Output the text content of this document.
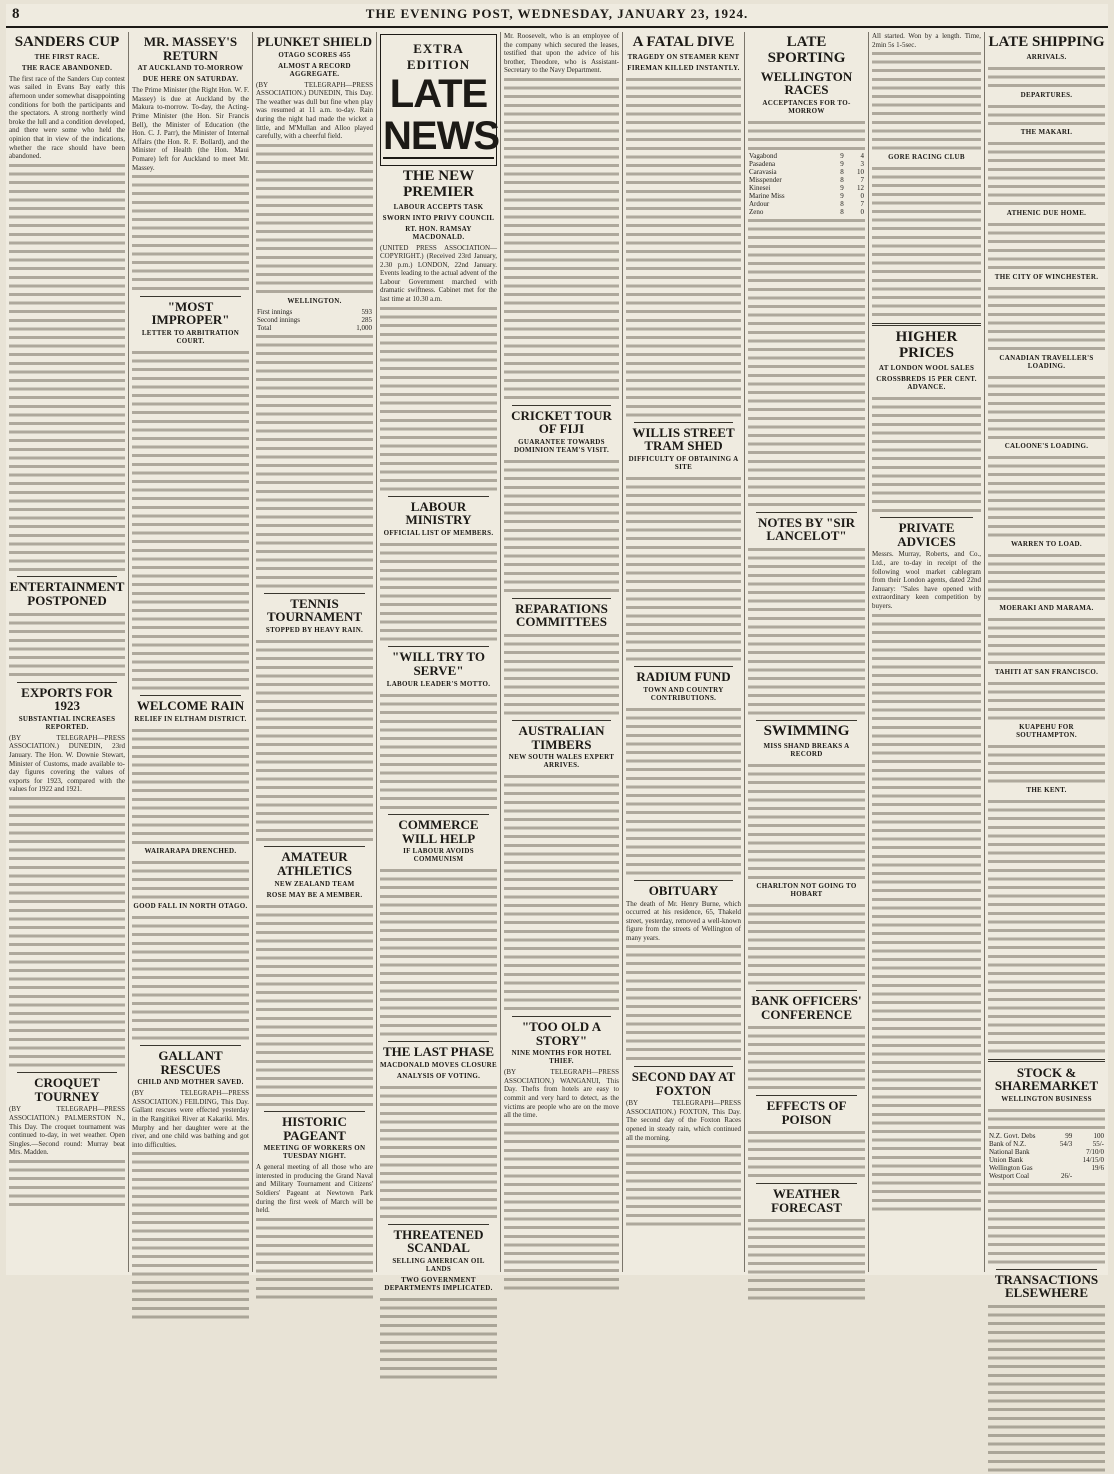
8	THE EVENING POST, WEDNESDAY, JANUARY 23, 1924.
SANDERS CUP
THE FIRST RACE.
THE RACE ABANDONED.

The first race of the Sanders Cup contest was sailed in Evans Bay early this afternoon under somewhat disappointing conditions for both the participants and the spectators. A strong northerly wind broke the lull and a condition developed, and there were some who held the opinion that in view of the indications, whether the race should have been abandoned.

ENTERTAINMENT POSTPONED
EXPORTS FOR 1923
SUBSTANTIAL INCREASES REPORTED.

(BY TELEGRAPH—PRESS ASSOCIATION.) DUNEDIN, 23rd January. The Hon. W. Downie Stewart, Minister of Customs, made available to-day figures covering the values of exports for 1923, compared with the values for 1922 and 1921.

CROQUET TOURNEY

(BY TELEGRAPH—PRESS ASSOCIATION.) PALMERSTON N., This Day. The croquet tournament was continued to-day, in wet weather. Open Singles.—Second round: Murray beat Mrs. Madden.

MR. MASSEY'S RETURN
AT AUCKLAND TO-MORROW
DUE HERE ON SATURDAY.

The Prime Minister (the Right Hon. W. F. Massey) is due at Auckland by the Makura to-morrow. To-day, the Acting-Prime Minister (the Hon. Sir Francis Bell), the Minister of Education (the Hon. C. J. Parr), the Minister of Internal Affairs (the Hon. R. F. Bollard), and the Minister of Health (the Hon. Maui Pomare) left for Auckland to meet Mr. Massey.

"MOST IMPROPER"
LETTER TO ARBITRATION COURT.
WELCOME RAIN
RELIEF IN ELTHAM DISTRICT.
WAIRARAPA DRENCHED.
GOOD FALL IN NORTH OTAGO.
GALLANT RESCUES
CHILD AND MOTHER SAVED.

(BY TELEGRAPH—PRESS ASSOCIATION.) FEILDING, This Day. Gallant rescues were effected yesterday in the Rangitikei River at Kakariki. Mrs. Murphy and her daughter were at the river, and one child was bathing and got into difficulties.

PLUNKET SHIELD
OTAGO SCORES 455
ALMOST A RECORD AGGREGATE.

(BY TELEGRAPH—PRESS ASSOCIATION.) DUNEDIN, This Day. The weather was dull but fine when play was resumed at 11 a.m. to-day. Rain during the night had made the wicket a little, and M'Mullan and Alloo played carefully, with a cheerful field.

WELLINGTON.
First innings	593
Second innings	285
Total	1,000
TENNIS TOURNAMENT
STOPPED BY HEAVY RAIN.
AMATEUR ATHLETICS
NEW ZEALAND TEAM
ROSE MAY BE A MEMBER.
HISTORIC PAGEANT
MEETING OF WORKERS ON TUESDAY NIGHT.

A general meeting of all those who are interested in producing the Grand Naval and Military Tournament and Citizens' Soldiers' Pageant at Newtown Park during the first week of March will be held.

EXTRA EDITION
LATE NEWS
THE NEW PREMIER
LABOUR ACCEPTS TASK
SWORN INTO PRIVY COUNCIL
RT. HON. RAMSAY MACDONALD.

(UNITED PRESS ASSOCIATION—COPYRIGHT.) (Received 23rd January, 2.30 p.m.) LONDON, 22nd January. Events leading to the actual advent of the Labour Government marched with dramatic swiftness. Cabinet met for the last time at 10.30 a.m.

LABOUR MINISTRY
OFFICIAL LIST OF MEMBERS.
"WILL TRY TO SERVE"
LABOUR LEADER'S MOTTO.
COMMERCE WILL HELP
IF LABOUR AVOIDS COMMUNISM
THE LAST PHASE
MACDONALD MOVES CLOSURE
ANALYSIS OF VOTING.
THREATENED SCANDAL
SELLING AMERICAN OIL LANDS
TWO GOVERNMENT DEPARTMENTS IMPLICATED.

Mr. Roosevelt, who is an employee of the company which secured the leases, testified that upon the advice of his brother, Theodore, who is Assistant-Secretary to the Navy Department.

CRICKET TOUR OF FIJI
GUARANTEE TOWARDS DOMINION TEAM'S VISIT.
REPARATIONS COMMITTEES
AUSTRALIAN TIMBERS
NEW SOUTH WALES EXPERT ARRIVES.
"TOO OLD A STORY"
NINE MONTHS FOR HOTEL THIEF.

(BY TELEGRAPH—PRESS ASSOCIATION.) WANGANUI, This Day. Thefts from hotels are easy to commit and very hard to detect, as the victims are people who are on the move all the time.

A FATAL DIVE
TRAGEDY ON STEAMER KENT
FIREMAN KILLED INSTANTLY.
WILLIS STREET TRAM SHED
DIFFICULTY OF OBTAINING A SITE
RADIUM FUND
TOWN AND COUNTRY CONTRIBUTIONS.
OBITUARY

The death of Mr. Henry Burne, which occurred at his residence, 65, Thakeld street, yesterday, removed a well-known figure from the streets of Wellington of many years.

SECOND DAY AT FOXTON

(BY TELEGRAPH—PRESS ASSOCIATION.) FOXTON, This Day. The second day of the Foxton Races opened in steady rain, which continued all the morning.

LATE SPORTING
WELLINGTON RACES
ACCEPTANCES FOR TO-MORROW
Vagabond	9	4
Pasadena	9	3
Caravasia	8	10
Misspender	8	7
Kinesei	9	12
Marine Miss	9	0
Ardour	8	7
Zeno	8	0
NOTES BY "SIR LANCELOT"
SWIMMING
MISS SHAND BREAKS A RECORD
CHARLTON NOT GOING TO HOBART
BANK OFFICERS' CONFERENCE
EFFECTS OF POISON
WEATHER FORECAST

All started. Won by a length. Time, 2min 5s 1-5sec.

GORE RACING CLUB
HIGHER PRICES
AT LONDON WOOL SALES
CROSSBREDS 15 PER CENT. ADVANCE.
PRIVATE ADVICES

Messrs. Murray, Roberts, and Co., Ltd., are to-day in receipt of the following wool market cablegram from their London agents, dated 22nd January: "Sales have opened with extraordinary keen competition by buyers.

LATE SHIPPING
ARRIVALS.
DEPARTURES.
THE MAKARI.
ATHENIC DUE HOME.
THE CITY OF WINCHESTER.
CANADIAN TRAVELLER'S LOADING.
CALOONE'S LOADING.
WARREN TO LOAD.
MOERAKI AND MARAMA.
TAHITI AT SAN FRANCISCO.
KUAPEHU FOR SOUTHAMPTON.
THE KENT.
STOCK & SHAREMARKET
WELLINGTON BUSINESS
N.Z. Govt. Debs	99	100
Bank of N.Z.	54/3	55/-
National Bank		7/10/0
Union Bank		14/15/0
Wellington Gas		19/6
Westport Coal	26/-	
TRANSACTIONS ELSEWHERE
